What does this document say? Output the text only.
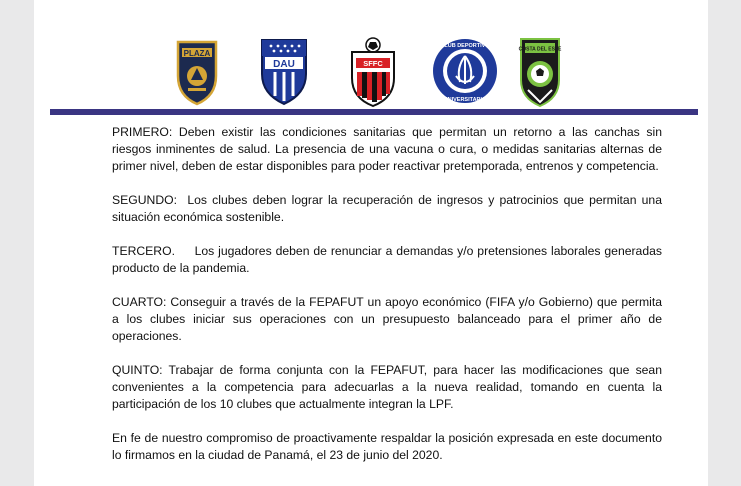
PLAZA
DAU	SFFC
CLUB DEPORTIVO
UNIVERSITARIO
COSTA DEL ESTE

PRIMERO: Deben existir las condiciones sanitarias que permitan un retorno a las canchas sin riesgos inminentes de salud. La presencia de una vacuna o cura, o medidas sanitarias alternas de primer nivel, deben de estar disponibles para poder reactivar pretemporada, entrenos y competencia.

SEGUNDO:  Los clubes deben lograr la recuperación de ingresos y patrocinios que permitan una situación económica sostenible.

TERCERO.     Los jugadores deben de renunciar a demandas y/o pretensiones laborales generadas producto de la pandemia.

CUARTO: Conseguir a través de la FEPAFUT un apoyo económico (FIFA y/o Gobierno) que permita a los clubes iniciar sus operaciones con un presupuesto balanceado para el primer año de operaciones.

QUINTO: Trabajar de forma conjunta con la FEPAFUT, para hacer las modificaciones que sean convenientes a la competencia para adecuarlas a la nueva realidad, tomando en cuenta la participación de los 10 clubes que actualmente integran la LPF.

En fe de nuestro compromiso de proactivamente respaldar la posición expresada en este documento lo firmamos en la ciudad de Panamá, el 23 de junio del 2020.
